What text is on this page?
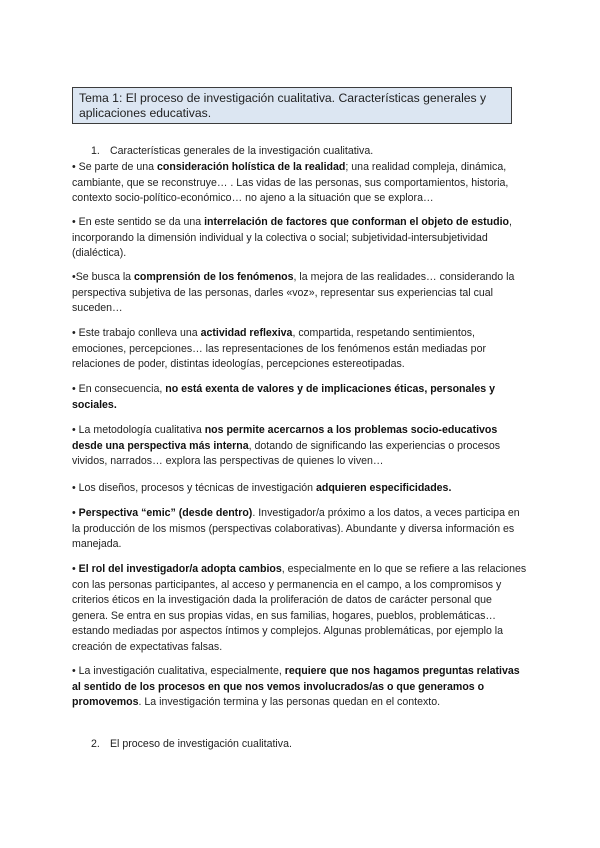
Tema 1: El proceso de investigación cualitativa. Características generales y aplicaciones educativas.
1. Características generales de la investigación cualitativa.
• Se parte de una consideración holística de la realidad; una realidad compleja, dinámica, cambiante, que se reconstruye… . Las vidas de las personas, sus comportamientos, historia, contexto socio-político-económico… no ajeno a la situación que se explora…
• En este sentido se da una interrelación de factores que conforman el objeto de estudio, incorporando la dimensión individual y la colectiva o social; subjetividad-intersubjetividad (dialéctica).
•Se busca la comprensión de los fenómenos, la mejora de las realidades… considerando la perspectiva subjetiva de las personas, darles «voz», representar sus experiencias tal cual suceden…
• Este trabajo conlleva una actividad reflexiva, compartida, respetando sentimientos, emociones, percepciones… las representaciones de los fenómenos están mediadas por relaciones de poder, distintas ideologías, percepciones estereotipadas.
• En consecuencia, no está exenta de valores y de implicaciones éticas, personales y sociales.
• La metodología cualitativa nos permite acercarnos a los problemas socio-educativos desde una perspectiva más interna, dotando de significando las experiencias o procesos vividos, narrados… explora las perspectivas de quienes lo viven…
• Los diseños, procesos y técnicas de investigación adquieren especificidades.
• Perspectiva “emic” (desde dentro). Investigador/a próximo a los datos, a veces participa en la producción de los mismos (perspectivas colaborativas). Abundante y diversa información es manejada.
• El rol del investigador/a adopta cambios, especialmente en lo que se refiere a las relaciones con las personas participantes, al acceso y permanencia en el campo, a los compromisos y criterios éticos en la investigación dada la proliferación de datos de carácter personal que genera. Se entra en sus propias vidas, en sus familias, hogares, pueblos, problemáticas… estando mediadas por aspectos íntimos y complejos. Algunas problemáticas, por ejemplo la creación de expectativas falsas.
• La investigación cualitativa, especialmente, requiere que nos hagamos preguntas relativas al sentido de los procesos en que nos vemos involucrados/as o que generamos o promovemos. La investigación termina y las personas quedan en el contexto.
2. El proceso de investigación cualitativa.
